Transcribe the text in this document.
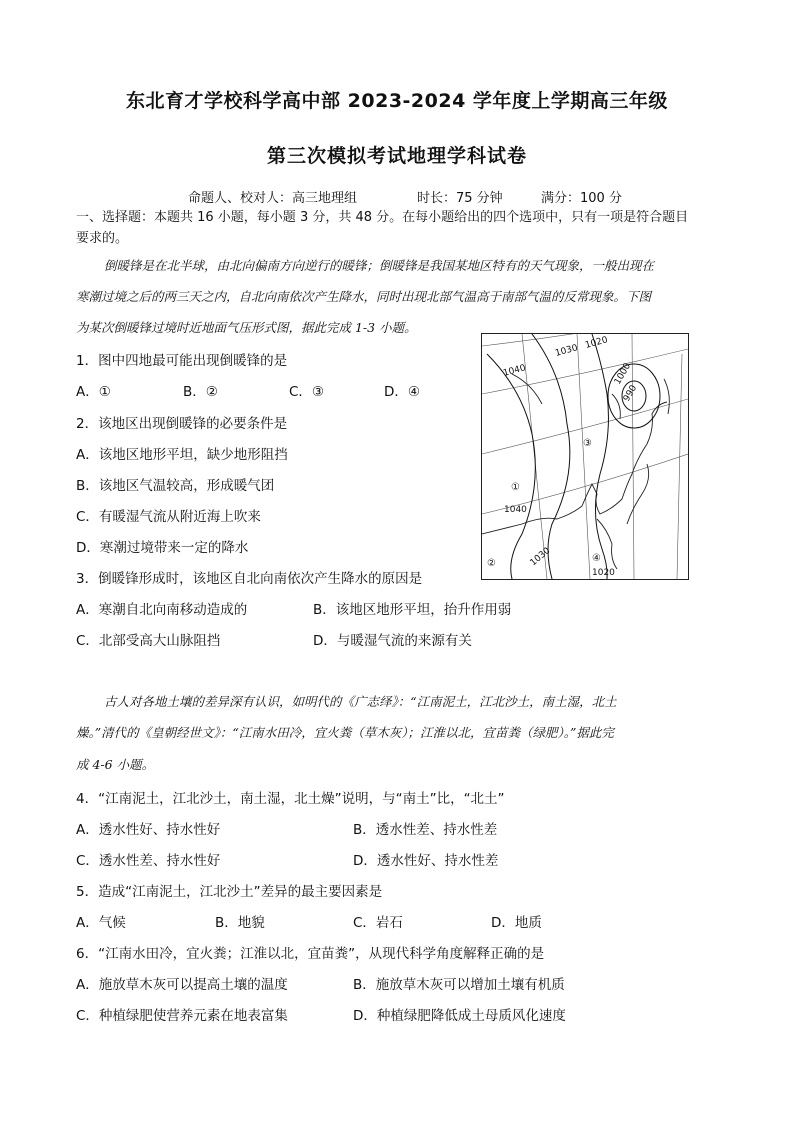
东北育才学校科学高中部 2023-2024 学年度上学期高三年级
第三次模拟考试地理学科试卷
命题人、校对人：高三地理组	时长：75 分钟	满分：100 分
一、选择题：本题共 16 小题，每小题 3 分，共 48 分。在每小题给出的四个选项中，只有一项是符合题目
要求的。
倒暖锋是在北半球，由北向偏南方向逆行的暖锋；倒暖锋是我国某地区特有的天气现象，一般出现在
寒潮过境之后的两三天之内，自北向南依次产生降水，同时出现北部气温高于南部气温的反常现象。下图
为某次倒暖锋过境时近地面气压形式图，据此完成 1-3 小题。
1．图中四地最可能出现倒暖锋的是
A．①	B．②	C．③	D．④
2．该地区出现倒暖锋的必要条件是
A．该地区地形平坦，缺少地形阻挡
B．该地区气温较高，形成暖气团
C．有暖湿气流从附近海上吹来
D．寒潮过境带来一定的降水
3．倒暖锋形成时，该地区自北向南依次产生降水的原因是
A．寒潮自北向南移动造成的	B．该地区地形平坦，抬升作用弱
C．北部受高大山脉阻挡	D．与暖湿气流的来源有关
1040
1030
1020
1000
990
1040
1030
1020
①
②
③
④
古人对各地土壤的差异深有认识，如明代的《广志绎》：“江南泥土，江北沙土，南土湿，北土
燥。”清代的《皇朝经世文》：“江南水田冷，宜火粪（草木灰）；江淮以北，宜苗粪（绿肥）。”据此完
成 4-6 小题。
4．“江南泥土，江北沙土，南土湿，北土燥”说明，与“南土”比，“北土”
A．透水性好、持水性好	B．透水性差、持水性差
C．透水性差、持水性好	D．透水性好、持水性差
5．造成“江南泥土，江北沙土”差异的最主要因素是
A．气候	B．地貌	C．岩石	D．地质
6．“江南水田冷，宜火粪；江淮以北，宜苗粪”，从现代科学角度解释正确的是
A．施放草木灰可以提高土壤的温度	B．施放草木灰可以增加土壤有机质
C．种植绿肥使营养元素在地表富集	D．种植绿肥降低成土母质风化速度
